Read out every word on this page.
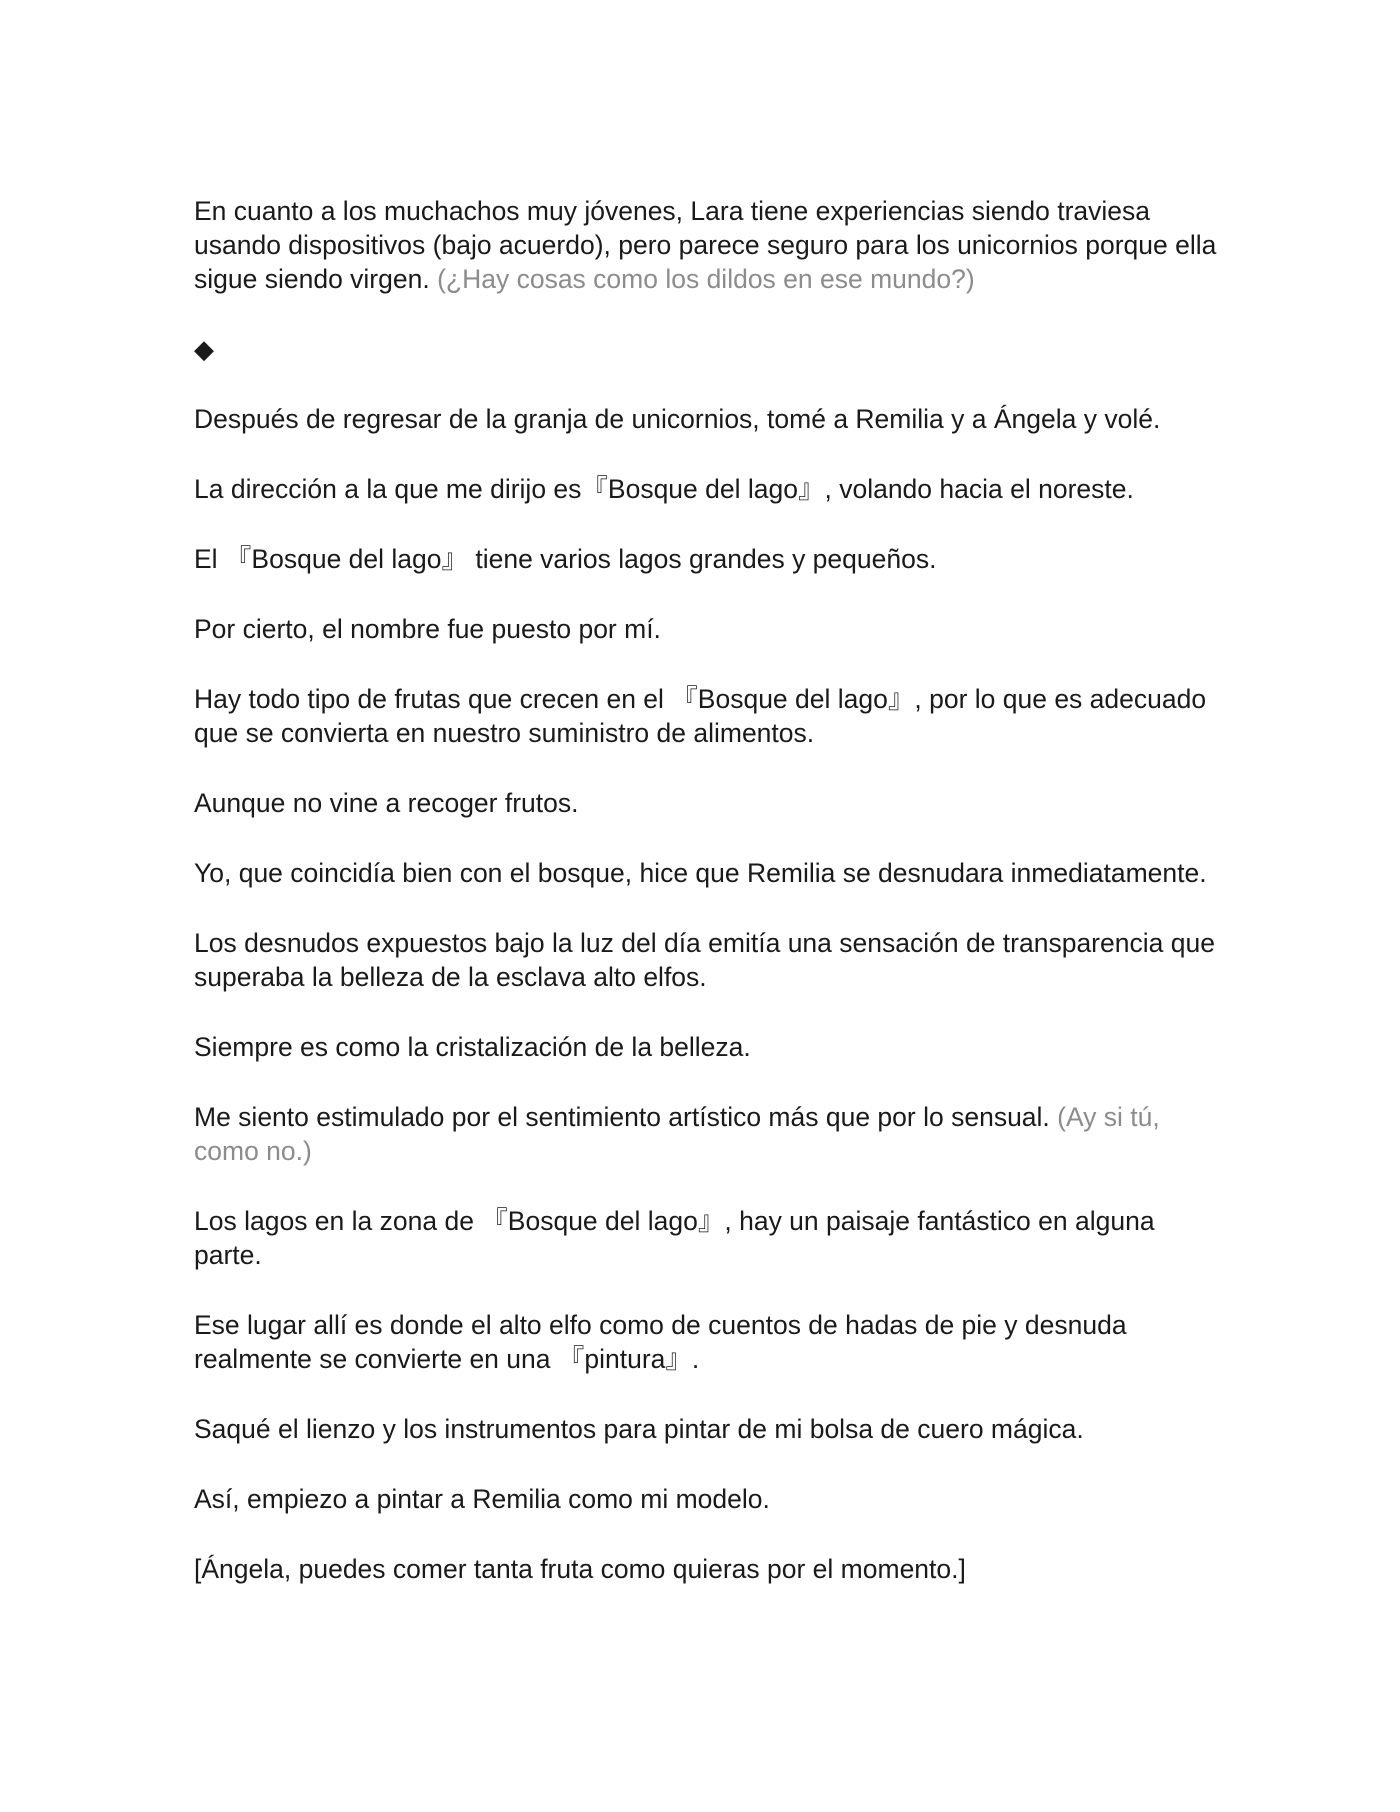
En cuanto a los muchachos muy jóvenes, Lara tiene experiencias siendo traviesa usando dispositivos (bajo acuerdo), pero parece seguro para los unicornios porque ella sigue siendo virgen. (¿Hay cosas como los dildos en ese mundo?)

◆

Después de regresar de la granja de unicornios, tomé a Remilia y a Ángela y volé.

La dirección a la que me dirijo es『Bosque del lago』, volando hacia el noreste.

El 『Bosque del lago』 tiene varios lagos grandes y pequeños.

Por cierto, el nombre fue puesto por mí.

Hay todo tipo de frutas que crecen en el 『Bosque del lago』, por lo que es adecuado que se convierta en nuestro suministro de alimentos.

Aunque no vine a recoger frutos.

Yo, que coincidía bien con el bosque, hice que Remilia se desnudara inmediatamente.

Los desnudos expuestos bajo la luz del día emitía una sensación de transparencia que superaba la belleza de la esclava alto elfos.

Siempre es como la cristalización de la belleza.

Me siento estimulado por el sentimiento artístico más que por lo sensual. (Ay si tú, como no.)

Los lagos en la zona de 『Bosque del lago』, hay un paisaje fantástico en alguna parte.

Ese lugar allí es donde el alto elfo como de cuentos de hadas de pie y desnuda realmente se convierte en una 『pintura』.

Saqué el lienzo y los instrumentos para pintar de mi bolsa de cuero mágica.

Así, empiezo a pintar a Remilia como mi modelo.

[Ángela, puedes comer tanta fruta como quieras por el momento.]
